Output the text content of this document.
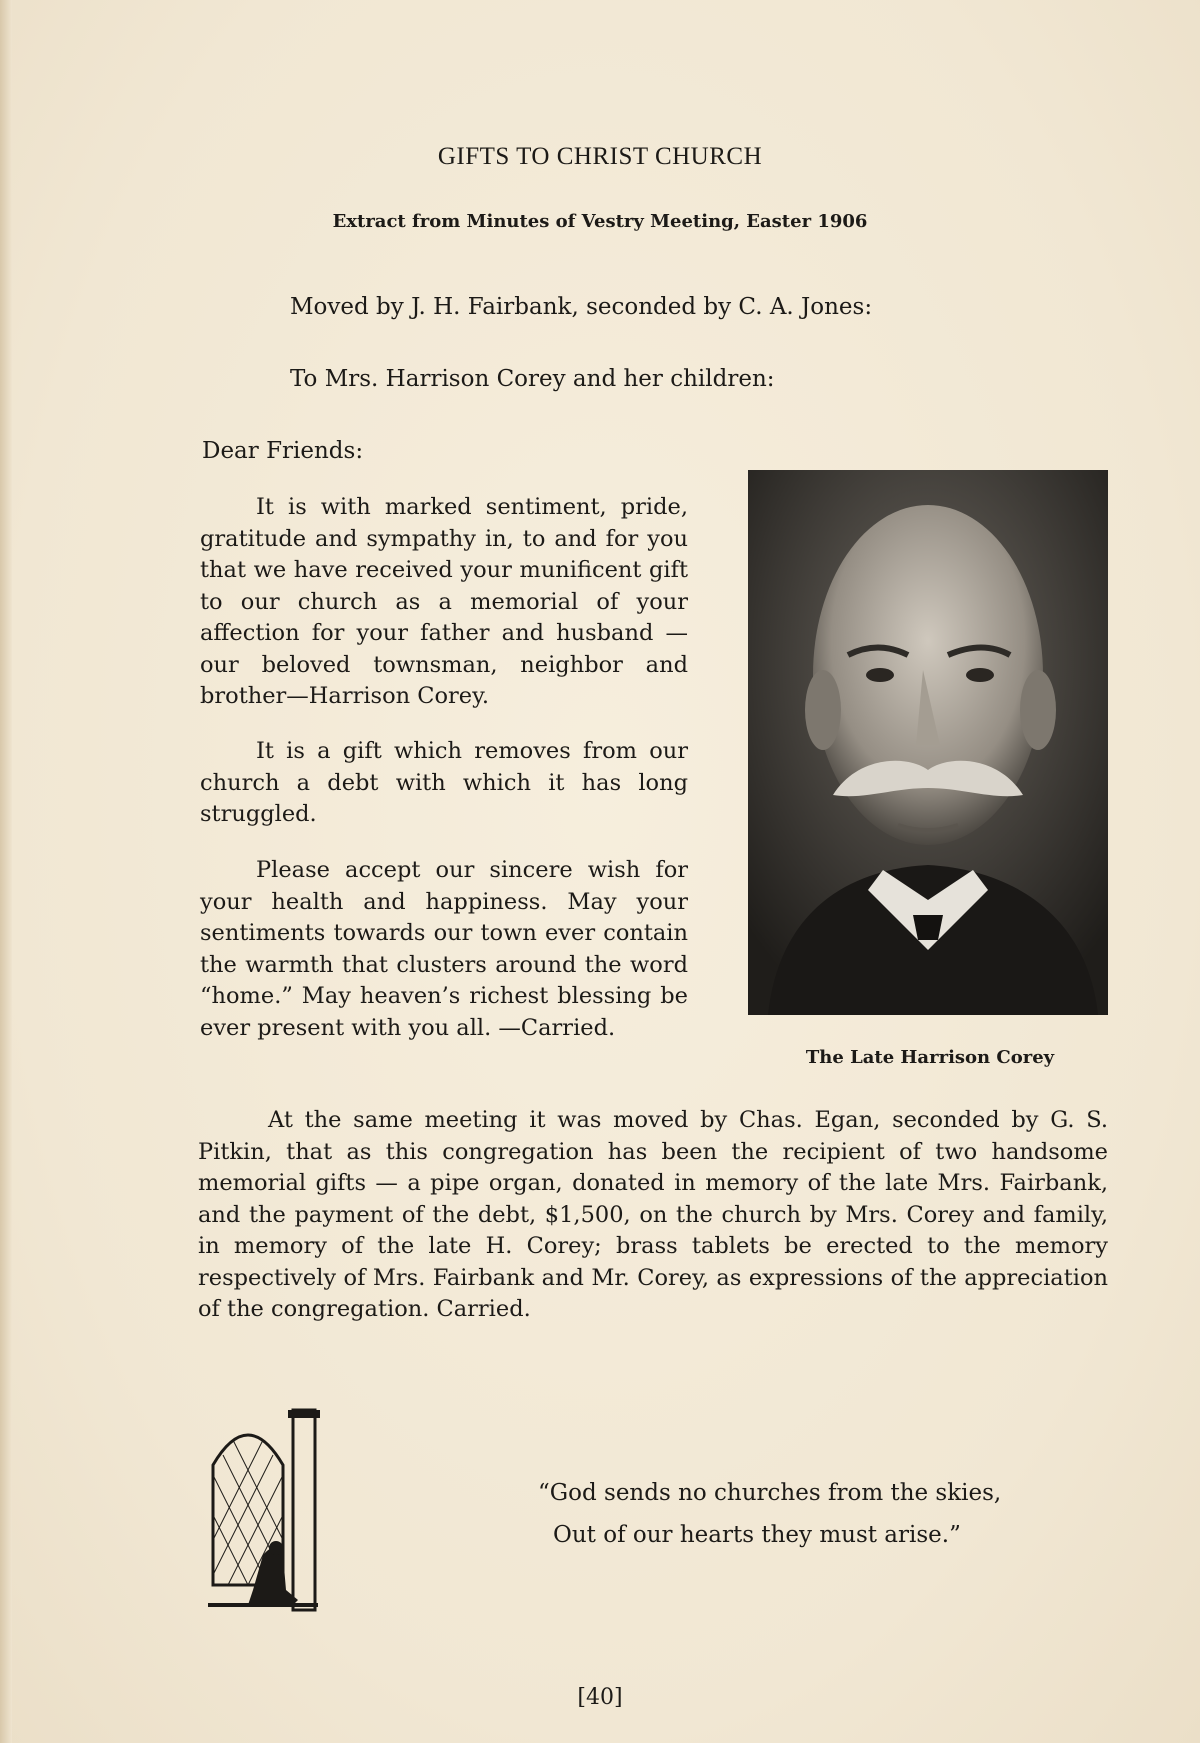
GIFTS TO CHRIST CHURCH
Extract from Minutes of Vestry Meeting, Easter 1906
Moved by J. H. Fairbank, seconded by C. A. Jones:
To Mrs. Harrison Corey and her children:
Dear Friends:

It is with marked sentiment, pride, gratitude and sympathy in, to and for you that we have received your munificent gift to our church as a memorial of your affection for your father and husband — our beloved townsman, neighbor and brother—Harrison Corey.

It is a gift which removes from our church a debt with which it has long struggled.

Please accept our sincere wish for your health and happiness. May your sentiments towards our town ever contain the warmth that clusters around the word “home.” May heaven’s richest blessing be ever present with you all. —Carried.

The Late Harrison Corey

At the same meeting it was moved by Chas. Egan, seconded by G. S. Pitkin, that as this congregation has been the recipient of two handsome memorial gifts — a pipe organ, donated in memory of the late Mrs. Fairbank, and the payment of the debt, $1,500, on the church by Mrs. Corey and family, in memory of the late H. Corey; brass tablets be erected to the memory respectively of Mrs. Fairbank and Mr. Corey, as expressions of the appreciation of the congregation. Carried.

“God sends no churches from the skies,
Out of our hearts they must arise.”
[40]
